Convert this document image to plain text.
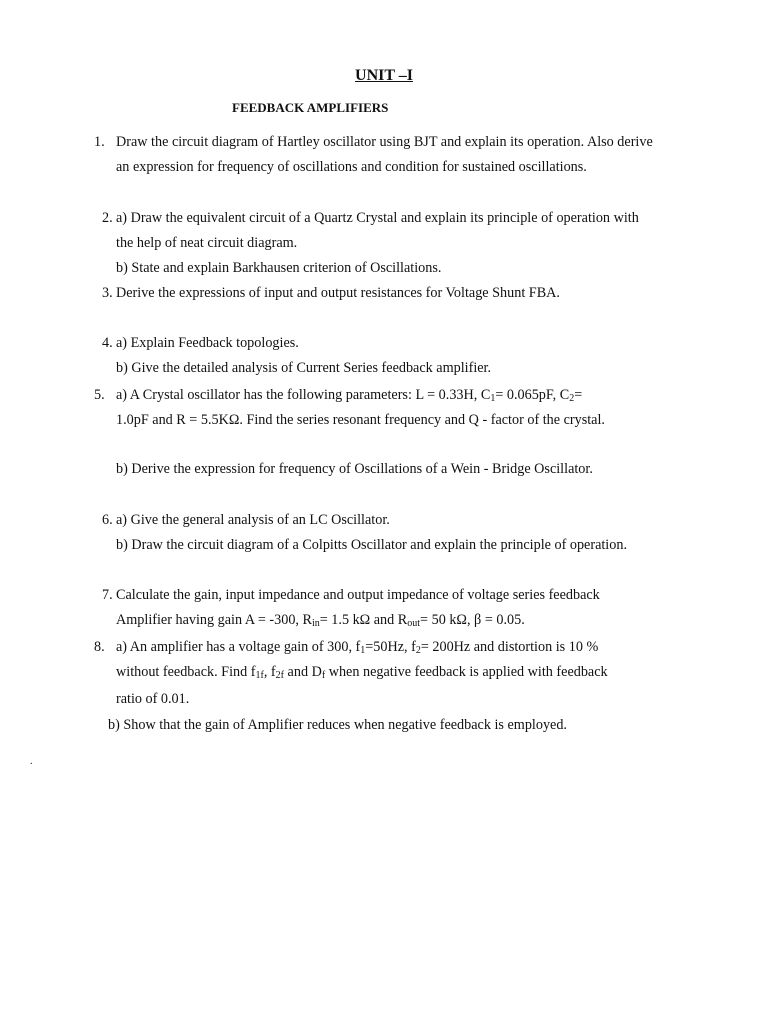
UNIT –I
FEEDBACK AMPLIFIERS
1. Draw the circuit diagram of Hartley oscillator using BJT and explain its operation. Also derive
an expression for frequency of oscillations and condition for sustained oscillations.
2. a) Draw the equivalent circuit of a Quartz Crystal and explain its principle of operation with
the help of neat circuit diagram.
b) State and explain Barkhausen criterion of Oscillations.
3. Derive the expressions of input and output resistances for Voltage Shunt FBA.
4. a) Explain Feedback topologies.
b) Give the detailed analysis of Current Series feedback amplifier.
5. a) A Crystal oscillator has the following parameters: L = 0.33H, $C_1= 0.065pF$, $C_2=$
1.0pF and R = 5.5KΩ. Find the series resonant frequency and Q - factor of the crystal.
b) Derive the expression for frequency of Oscillations of a Wein - Bridge Oscillator.
6. a) Give the general analysis of an LC Oscillator.
b) Draw the circuit diagram of a Colpitts Oscillator and explain the principle of operation.
7. Calculate the gain, input impedance and output impedance of voltage series feedback
Amplifier having gain A = -300, $R_{in}= 1.5$ kΩ and $R_{out}= 50$ kΩ, β = 0.05.
8. a) An amplifier has a voltage gain of 300, $f_1=50Hz$, $f_2= 200Hz$ and distortion is 10 %
without feedback. Find $f_{1f}$, $f_{2f}$ and $D_f$ when negative feedback is applied with feedback
ratio of 0.01.
b) Show that the gain of Amplifier reduces when negative feedback is employed.
.
